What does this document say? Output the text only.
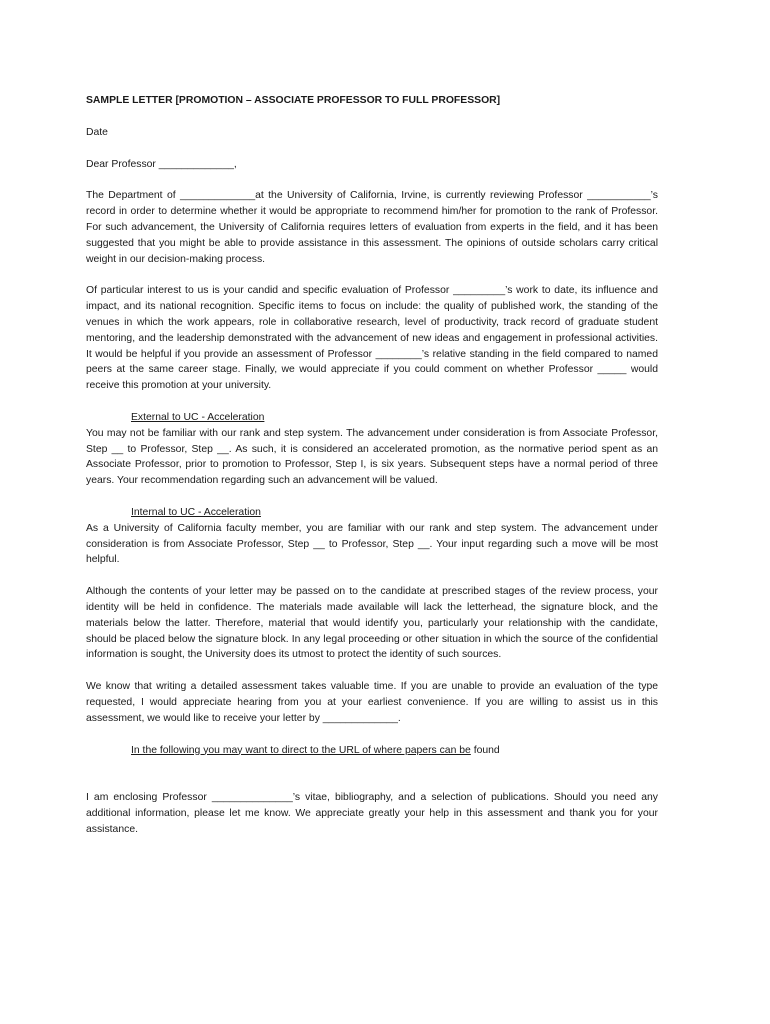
SAMPLE LETTER [PROMOTION – ASSOCIATE PROFESSOR TO FULL PROFESSOR]
Date
Dear Professor _____________,
The Department of _____________at the University of California, Irvine, is currently reviewing Professor ___________’s record in order to determine whether it would be appropriate to recommend him/her for promotion to the rank of Professor. For such advancement, the University of California requires letters of evaluation from experts in the field, and it has been suggested that you might be able to provide assistance in this assessment. The opinions of outside scholars carry critical weight in our decision-making process.
Of particular interest to us is your candid and specific evaluation of Professor _________’s work to date, its influence and impact, and its national recognition. Specific items to focus on include: the quality of published work, the standing of the venues in which the work appears, role in collaborative research, level of productivity, track record of graduate student mentoring, and the leadership demonstrated with the advancement of new ideas and engagement in professional activities. It would be helpful if you provide an assessment of Professor ________’s relative standing in the field compared to named peers at the same career stage. Finally, we would appreciate if you could comment on whether Professor _____ would receive this promotion at your university.
External to UC - Acceleration
You may not be familiar with our rank and step system. The advancement under consideration is from Associate Professor, Step __ to Professor, Step __. As such, it is considered an accelerated promotion, as the normative period spent as an Associate Professor, prior to promotion to Professor, Step I, is six years. Subsequent steps have a normal period of three years. Your recommendation regarding such an advancement will be valued.
Internal to UC - Acceleration
As a University of California faculty member, you are familiar with our rank and step system. The advancement under consideration is from Associate Professor, Step __ to Professor, Step __. Your input regarding such a move will be most helpful.
Although the contents of your letter may be passed on to the candidate at prescribed stages of the review process, your identity will be held in confidence. The materials made available will lack the letterhead, the signature block, and the materials below the latter. Therefore, material that would identify you, particularly your relationship with the candidate, should be placed below the signature block. In any legal proceeding or other situation in which the source of the confidential information is sought, the University does its utmost to protect the identity of such sources.
We know that writing a detailed assessment takes valuable time. If you are unable to provide an evaluation of the type requested, I would appreciate hearing from you at your earliest convenience. If you are willing to assist us in this assessment, we would like to receive your letter by _____________.
In the following you may want to direct to the URL of where papers can be found
I am enclosing Professor ______________’s vitae, bibliography, and a selection of publications. Should you need any additional information, please let me know. We appreciate greatly your help in this assessment and thank you for your assistance.
